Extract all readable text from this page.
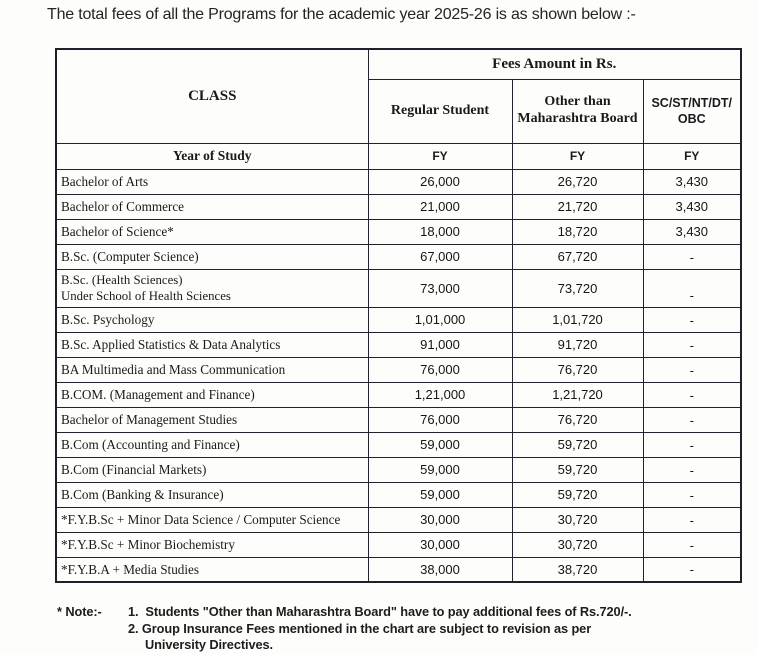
The total fees of all the Programs for the academic year 2025-26 is as shown below :-

CLASS	Fees Amount in Rs.		
	Regular Student	Other than Maharashtra Board	SC/ST/NT/DT/ OBC
Year of Study	FY	FY	FY

Bachelor of Arts	26,000	26,720	3,430

Bachelor of Commerce	21,000	21,720	3,430

Bachelor of Science*	18,000	18,720	3,430

B.Sc. (Computer Science)	67,000	67,720	-

B.Sc. (Health Sciences)
Under School of Health Sciences	73,000	73,720	-

B.Sc. Psychology	1,01,000	1,01,720	-

B.Sc. Applied Statistics & Data Analytics	91,000	91,720	-

BA Multimedia and Mass Communication	76,000	76,720	-

B.COM. (Management and Finance)	1,21,000	1,21,720	-

Bachelor of Management Studies	76,000	76,720	-

B.Com (Accounting and Finance)	59,000	59,720	-

B.Com (Financial Markets)	59,000	59,720	-

B.Com (Banking & Insurance)	59,000	59,720	-

*F.Y.B.Sc + Minor Data Science / Computer Science	30,000	30,720	-

*F.Y.B.Sc + Minor Biochemistry	30,000	30,720	-

*F.Y.B.A + Media Studies	38,000	38,720	-
* Note:-	1.  Students "Other than Maharashtra Board" have to pay additional fees of Rs.720/-.
2. Group Insurance Fees mentioned in the chart are subject to revision as per
University Directives.
